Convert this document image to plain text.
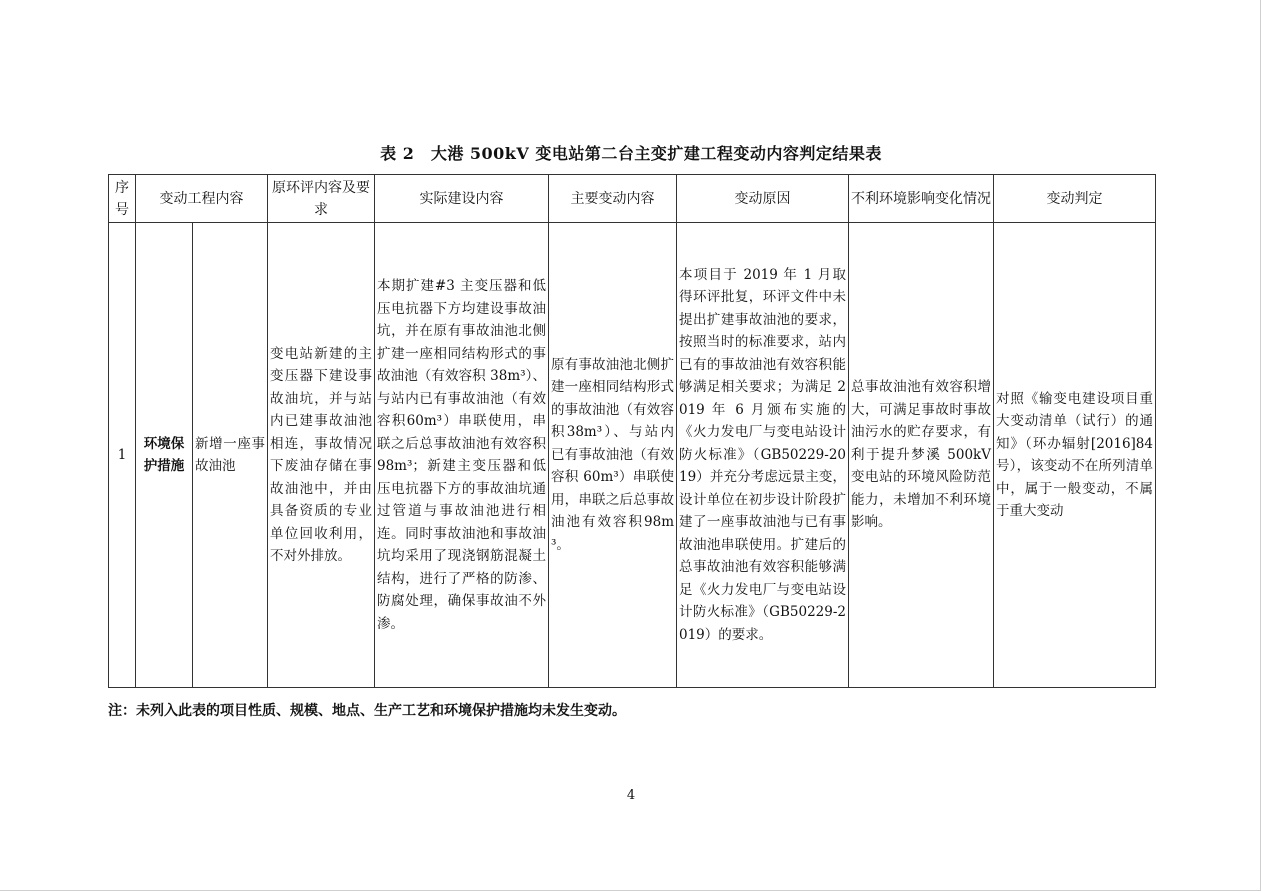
表 2　大港 500kV 变电站第二台主变扩建工程变动内容判定结果表
序号	变动工程内容		原环评内容及要求	实际建设内容	主要变动内容	变动原因	不利环境影响变化情况	变动判定
1	环境保护措施	新增一座事故油池	变电站新建的主变压器下建设事故油坑，并与站内已建事故油池相连，事故情况下废油存储在事故油池中，并由具备资质的专业单位回收利用，不对外排放。	本期扩建#3 主变压器和低压电抗器下方均建设事故油坑，并在原有事故油池北侧扩建一座相同结构形式的事故油池（有效容积 38m³）、与站内已有事故油池（有效容积60m³）串联使用，串联之后总事故油池有效容积98m³；新建主变压器和低压电抗器下方的事故油坑通过管道与事故油池进行相连。同时事故油池和事故油坑均采用了现浇钢筋混凝土结构，进行了严格的防渗、防腐处理，确保事故油不外渗。	原有事故油池北侧扩建一座相同结构形式的事故油池（有效容积38m³）、与站内已有事故油池（有效容积 60m³）串联使用，串联之后总事故油池有效容积98m³。	本项目于 2019 年 1 月取得环评批复，环评文件中未提出扩建事故油池的要求，按照当时的标准要求，站内已有的事故油池有效容积能够满足相关要求；为满足 2019 年 6 月颁布实施的《火力发电厂与变电站设计防火标准》（GB50229-2019）并充分考虑远景主变，设计单位在初步设计阶段扩建了一座事故油池与已有事故油池串联使用。扩建后的总事故油池有效容积能够满足《火力发电厂与变电站设计防火标准》（GB50229-2019）的要求。	总事故油池有效容积增大，可满足事故时事故油污水的贮存要求，有利于提升梦溪 500kV 变电站的环境风险防范能力，未增加不利环境影响。	对照《输变电建设项目重大变动清单（试行）的通知》（环办辐射[2016]84 号），该变动不在所列清单中，属于一般变动，不属于重大变动
注：未列入此表的项目性质、规模、地点、生产工艺和环境保护措施均未发生变动。
4
